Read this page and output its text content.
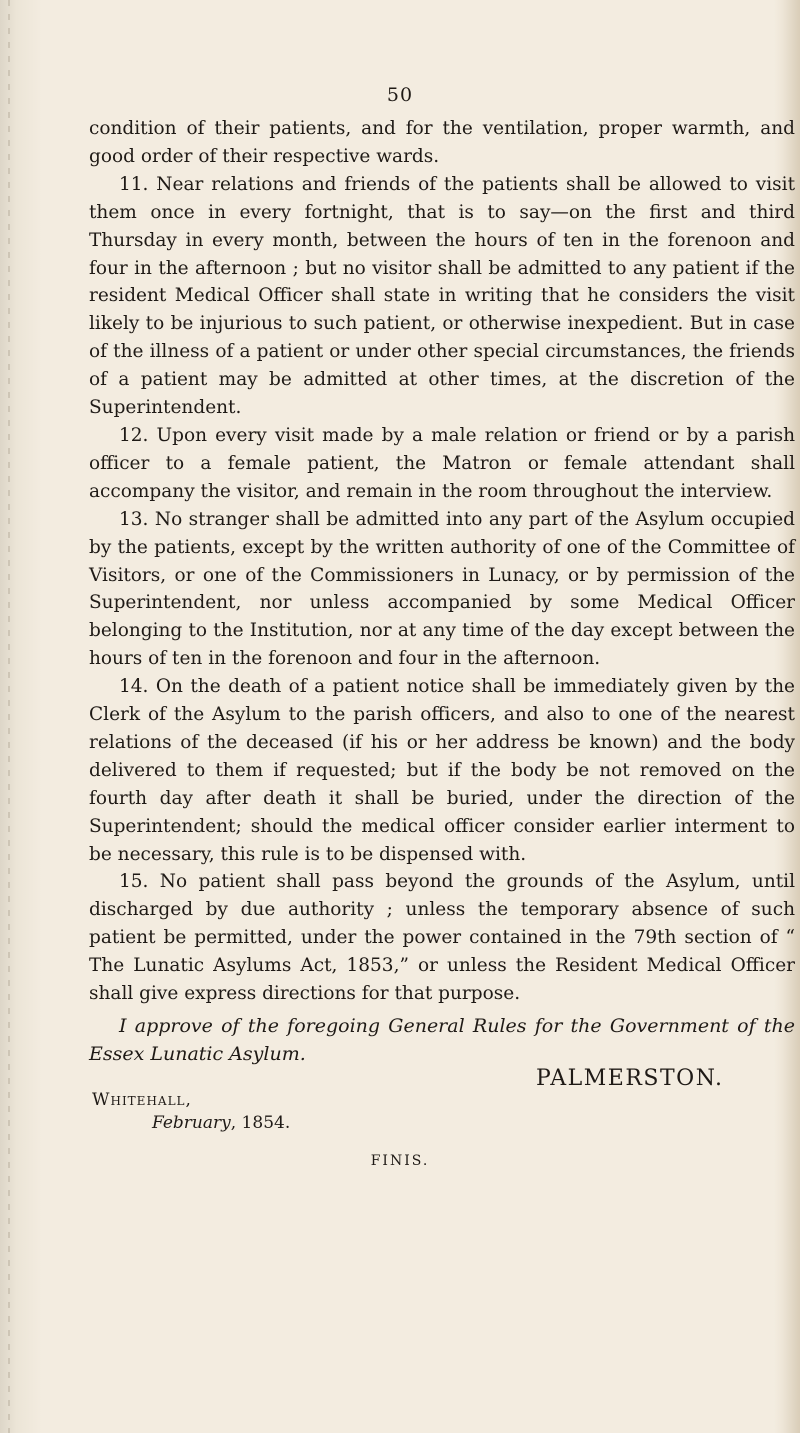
50

condition of their patients, and for the ventilation, proper warmth, and good order of their respective wards.

11. Near relations and friends of the patients shall be allowed to visit them once in every fortnight, that is to say—on the first and third Thursday in every month, between the hours of ten in the forenoon and four in the afternoon ; but no visitor shall be admitted to any patient if the resident Medical Officer shall state in writing that he considers the visit likely to be injurious to such patient, or otherwise inexpedient. But in case of the illness of a patient or under other special circumstances, the friends of a patient may be admitted at other times, at the discretion of the Superintendent.

12. Upon every visit made by a male relation or friend or by a parish officer to a female patient, the Matron or female attendant shall accompany the visitor, and remain in the room throughout the interview.

13. No stranger shall be admitted into any part of the Asylum occupied by the patients, except by the written authority of one of the Committee of Visitors, or one of the Commissioners in Lunacy, or by permission of the Superintendent, nor unless accompanied by some Medical Officer belonging to the Institution, nor at any time of the day except between the hours of ten in the forenoon and four in the afternoon.

14. On the death of a patient notice shall be immediately given by the Clerk of the Asylum to the parish officers, and also to one of the nearest relations of the deceased (if his or her address be known) and the body delivered to them if requested; but if the body be not removed on the fourth day after death it shall be buried, under the direction of the Superintendent; should the medical officer consider earlier interment to be necessary, this rule is to be dispensed with.

15. No patient shall pass beyond the grounds of the Asylum, until discharged by due authority ; unless the temporary absence of such patient be permitted, under the power contained in the 79th section of “ The Lunatic Asylums Act, 1853,” or unless the Resident Medical Officer shall give express directions for that purpose.

I approve of the foregoing General Rules for the Government of the Essex Lunatic Asylum.
PALMERSTON.
Whitehall,
February, 1854.
FINIS.
